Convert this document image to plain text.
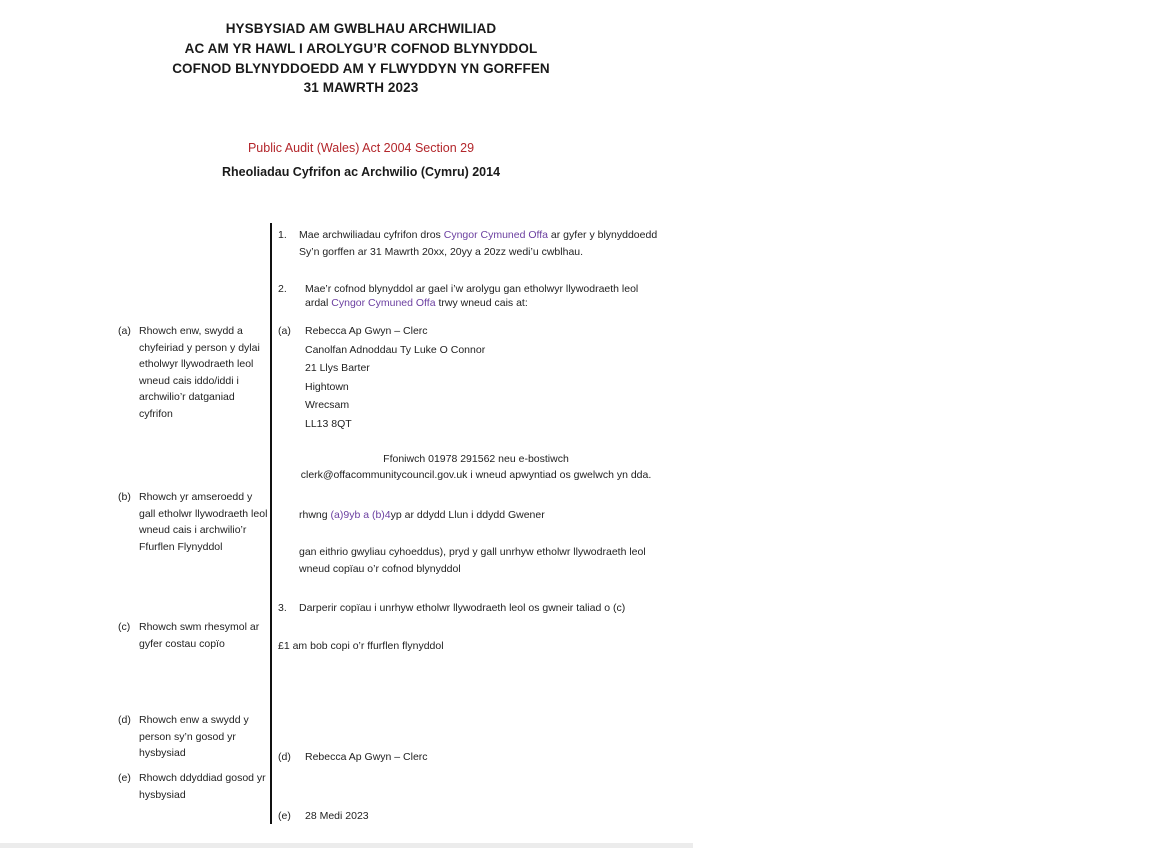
HYSBYSIAD AM GWBLHAU ARCHWILIAD
AC AM YR HAWL I AROLYGU’R COFNOD BLYNYDDOL
COFNOD BLYNYDDOEDD AM Y FLWYDDYN YN GORFFEN
31 MAWRTH 2023
Public Audit (Wales) Act 2004 Section 29
Rheoliadau Cyfrifon ac Archwilio (Cymru) 2014
(a) Rhowch enw, swydd a chyfeiriad y person y dylai etholwyr llywodraeth leol wneud cais iddo/iddi i archwilio’r datganiad cyfrifon
(b) Rhowch yr amseroedd y gall etholwr llywodraeth leol wneud cais i archwilio’r Ffurflen Flynyddol
(c) Rhowch swm rhesymol ar gyfer costau copïo
(d) Rhowch enw a swydd y person sy’n gosod yr hysbysiad
(e) Rhowch ddyddiad gosod yr hysbysiad
1. Mae archwiliadau cyfrifon dros Cyngor Cymuned Offa ar gyfer y blynyddoedd
Sy’n gorffen ar 31 Mawrth 20xx, 20yy a 20zz wedi’u cwblhau.
2. Mae’r cofnod blynyddol ar gael i’w arolygu gan etholwyr llywodraeth leol
ardal Cyngor Cymuned Offa trwy wneud cais at:
(a) Rebecca Ap Gwyn – Clerc
Canolfan Adnoddau Ty Luke O Connor
21 Llys Barter
Hightown
Wrecsam
LL13 8QT
Ffoniwch 01978 291562 neu e-bostiwch
clerk@offacommunitycouncil.gov.uk i wneud apwyntiad os gwelwch yn dda.
rhwng (a)9yb a (b)4yp ar ddydd Llun i ddydd Gwener
gan eithrio gwyliau cyhoeddus), pryd y gall unrhyw etholwr llywodraeth leol
wneud copïau o’r cofnod blynyddol
3. Darperir copïau i unrhyw etholwr llywodraeth leol os gwneir taliad o (c)
£1 am bob copi o’r ffurflen flynyddol
(d) Rebecca Ap Gwyn – Clerc
(e) 28 Medi 2023
